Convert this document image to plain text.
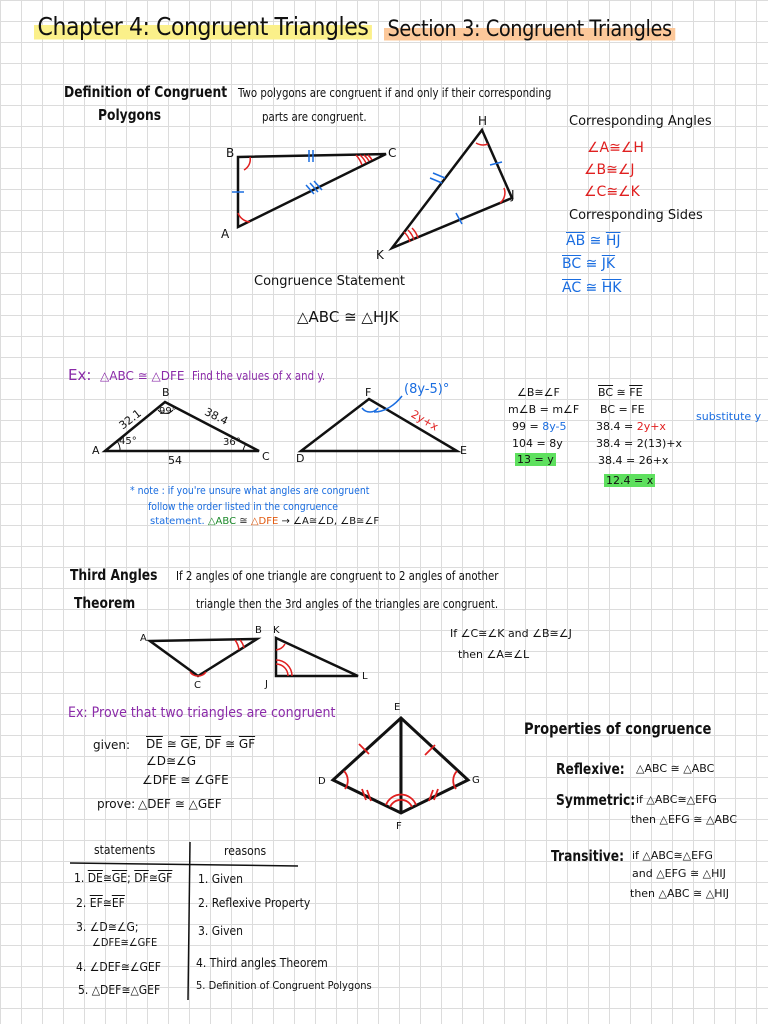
Chapter 4: Congruent Triangles Section 3: Congruent Triangles
Definition of Congruent
Polygons
Two polygons are congruent if and only if their corresponding
parts are congruent.
B
A
C
H
J
K
Congruence Statement
△ABC ≅ △HJK
Corresponding Angles
∠A≅∠H
∠B≅∠J
∠C≅∠K
Corresponding Sides
$\overline{AB}$ ≅ $\overline{HJ}$
$\overline{BC}$ ≅ $\overline{JK}$
$\overline{AC}$ ≅ $\overline{HK}$
Ex: △ABC ≅ △DFE Find the values of x and y.
B
A	C
32.1	38.4
54
45°
99°
36°
F
D
E
(8y-5)°
2y+x
∠B≅∠F
m∠B = m∠F
99 = 8y-5
104 = 8y
13 = y
$\overline{BC}$ ≅ $\overline{FE}$
BC = FE
38.4 = 2y+x
38.4 = 2(13)+x
38.4 = 26+x
12.4 = x
substitute y
* note : if you're unsure what angles are congruent
follow the order listed in the congruence
statement. △ABC ≅ △DFE → ∠A≅∠D, ∠B≅∠F
Third Angles
Theorem
If 2 angles of one triangle are congruent to 2 angles of another
triangle then the 3rd angles of the triangles are congruent.
A
B
C
K
J
L
If ∠C≅∠K and ∠B≅∠J
then ∠A≅∠L
Ex: Prove that two triangles are congruent
given: $\overline{DE}$ ≅ $\overline{GE}$, $\overline{DF}$ ≅ $\overline{GF}$
∠D≅∠G
∠DFE ≅ ∠GFE
prove: △DEF ≅ △GEF
E
D	G
F
statements	reasons
1. $\overline{DE}≅\overline{GE}$; $\overline{DF}≅\overline{GF}$ 1. Given
2. $\overline{EF}≅\overline{EF}$	2. Reflexive Property
3. ∠D≅∠G;
∠DFE≅∠GFE
3. Given
4. ∠DEF≅∠GEF	4. Third angles Theorem
5. △DEF≅△GEF	5. Definition of Congruent Polygons
Properties of congruence
Reflexive: △ABC ≅ △ABC
Symmetric: if △ABC≅△EFG
then △EFG ≅ △ABC
Transitive: if △ABC≅△EFG
and △EFG ≅ △HIJ
then △ABC ≅ △HIJ
